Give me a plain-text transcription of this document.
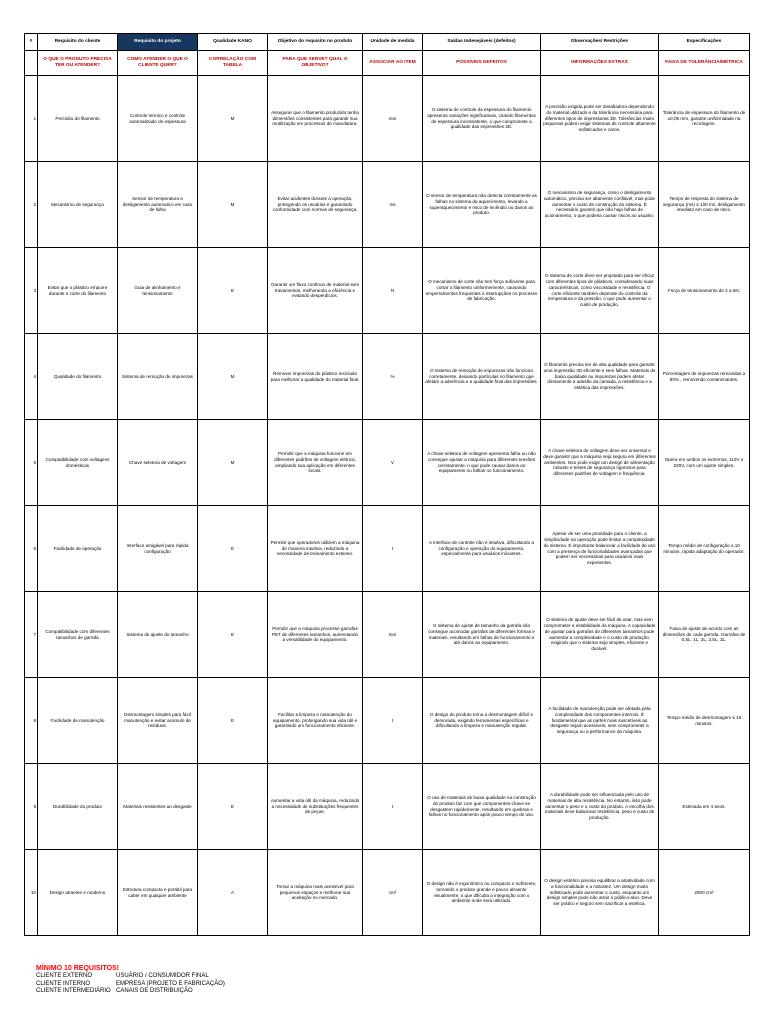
#	Requisito do cliente	Requisito do projeto	Qualidade KANO	Objetivo do requisito no produto	Unidade de medida	Saídas Indesejáveis (defeitos)	Observações/ Restrições	Especificações
	O QUE O PRODUTO PRECISA TER OU ATENDER?	COMO ATENDER O QUE O CLIENTE QUER?	CORRELAÇÃO COM TABELA	PARA QUE SERVE? QUAL O OBJETIVO?	ASSOCIAR AO ITEM	POSSÍVEIS DEFEITOS	INFORMAÇÕES EXTRAS	FAIXA DE TOLERÂNCIA/MÉTRICA
1	Precisão do filamento	Controle termico e controle automatizado de espessura	M	Assegurar que o filamento produzido tenha dimensões consistentes para garantir sua reutilização em processos de manufatura.	mm	O sistema de controle da espessura do filamento apresenta variações significativas, criando filamentos de espessura inconsistente, o que compromete a qualidade das impressões 3D.	A precisão exigida pode ser desafiadora dependendo do material utilizado e da tolerância necessária para diferentes tipos de impressoras 3D. Tolerâncias muito pequenas podem exigir sistemas de controle altamente sofisticados e caros.	Tolerância de espessura do filamento de ±0,05 mm, garante uniformidade na reciclagem.
2	Mecanismo de segurança	Sensor de temperatura e desligamento automatico em caso de falha	M	Evitar acidentes durante a operação, protegendo os usuários e garantindo conformidade com normas de segurança.	ms	O sensor de temperatura não detecta corretamente as falhas no sistema de aquecimento, levando a superaquecimento e risco de incêndio ou danos ao produto.	O mecanismo de segurança, como o desligamento automático, precisa ser altamente confiável, mas pode aumentar o custo de construção do sistema. É necessário garantir que não haja falhas de acionamento, o que poderia causar riscos ao usuário.	Tempo de resposta do sistema de segurança (ms) ≤ 100 ms, desligamento imediato em caso de risco.
3	Evitar que o plástico empurre durante o corte do filamento	Guia de alinhamento e tensionamento	E	Garantir um fluxo contínuo de material sem travamentos, melhorando a eficiência e evitando desperdícios.	N	O mecanismo de corte não tem força suficiente para cortar o filamento uniformemente, causando emperramentos frequentes e interrupções no processo de fabricação.	O sistema de corte deve ser projetado para ser eficaz com diferentes tipos de plásticos, considerando suas características, como viscosidade e resistência. O corte eficiente também depende do controle da temperatura e da pressão, o que pode aumentar o custo de produção.	Força de tensionamento de 2 a 5N.
4	Qualidade do filamento	Sistema de remoção de impurezas	M	Remover impurezas do plástico reciclado para melhorar a qualidade do material final.	%	O sistema de remoção de impurezas não funciona corretamente, deixando partículas no filamento que afetam a aderência e a qualidade final das impressões.	O filamento precisa ser de alta qualidade para garantir uma impressão 3D eficiente e sem falhas. Materiais de baixa qualidade ou impurezas podem afetar diretamente a adesão da camada, a resistência e a estética das impressões.	Porcentagem de impurezas removidas ≥ 80% , removendo contaminantes.
5	Compatibilidade com voltagens domésticas	Chave seletora de voltagem	M	Permitir que a máquina funcione em diferentes padrões de voltagem elétrica, ampliando sua aplicação em diferentes locais.	V	A chave seletora de voltagem apresenta falha ou não consegue ajustar a máquina para diferentes tensões corretamente, o que pode causar danos ao equipamento ou falhas no funcionamento.	A chave seletora de voltagem deve ser universal e deve garantir que a máquina seja segura em diferentes ambientes. Isso pode exigir um design de alimentação robusto e testes de segurança rigorosos para diferentes padrões de voltagem e frequência.	Opera em ambos os extremos, 110V e 220V, com um ajuste simples.
6	Facilidade de operação	Interface amigável para rápida configuração	E	Permitir que operadores utilizem a máquina de maneira intuitiva, reduzindo a necessidade de treinamento extenso.	t	A interface de controle não é intuitiva, dificultando a configuração e operação do equipamento, especialmente para usuários iniciantes.	Apesar de ser uma prioridade para o cliente, a simplicidade na operação pode limitar a complexidade do sistema. É importante balancear a facilidade de uso com a presença de funcionalidades avançadas que podem ser necessárias para usuários mais experientes.	Tempo médio de configuração ≤ 10 minutos, rápida adaptação do operador.
7	Compatibilidade com diferentes tamanhos de garrafa	Sistema de ajuste do tamanho	E	Permitir que a máquina processe garrafas PET de diferentes tamanhos, aumentando a versatilidade do equipamento.	mm	O sistema de ajuste de tamanho da garrafa não consegue acomodar garrafas de diferentes formas e materiais, resultando em falhas de funcionamento e até danos ao equipamento.	O sistema de ajuste deve ser fácil de usar, mas sem comprometer a estabilidade da máquina. A capacidade de ajustar para garrafas de diferentes tamanhos pode aumentar a complexidade e o custo de produção, exigindo que o sistema seja simples, eficiente e durável.	Faixa de ajuste de acordo com as dimensões de cada garrafa. Garrafas de 0,5L, 1L, 2L, 2,5L, 3L.
8	Facilidade de manutenção	Desmontagem simples para fácil manutenção e evitar acúmulo de resíduos.	E	Facilitar a limpeza e manutenção do equipamento, prolongando sua vida útil e garantindo um funcionamento eficiente.	t	O design do produto torna a desmontagem difícil e demorada, exigindo ferramentas específicas e dificultando a limpeza e manutenção regular.	A facilidade de manutenção pode ser afetada pela complexidade dos componentes internos. É fundamental que as partes mais suscetíveis ao desgaste sejam acessíveis, sem comprometer a segurança ou a performance da máquina.	Tempo médio de desmontagem ≤ 15 minutos.
9	Durabilidade do produto	Materiais resistentes ao desgaste	E	Aumentar a vida útil da máquina, reduzindo a necessidade de substituições frequentes de peças.	t	O uso de materiais de baixa qualidade na construção do produto faz com que componentes-chave se desgastem rapidamente, resultando em quebras e falhas no funcionamento após pouco tempo de uso.	A durabilidade pode ser influenciada pelo uso de materiais de alta resistência. No entanto, isso pode aumentar o peso e o custo do produto. A escolha dos materiais deve balancear resistência, peso e custo de produção.	Estimada em 4 anos.
10	Design atraente e moderno	Estrutura compacta e portátil para caber em qualquer ambiente	A	Tornar a máquina mais acessível para pequenos espaços e melhorar sua aceitação no mercado.	cm²	O design não é ergonômico ou compacto o suficiente, tornando o produto grande e pouco atraente visualmente, o que dificulta a integração com o ambiente onde será utilizado.	O design estético precisa equilibrar a atratividade com a funcionalidade e a robustez. Um design muito sofisticado pode aumentar o custo, enquanto um design simples pode não atrair o público-alvo. Deve ser prático e seguro sem sacrificar a estética.	2500 cm²
MÍNIMO 10 REQUISITOS!
CLIENTE EXTERNO	USUÁRIO / CONSUMIDOR FINAL
CLIENTE INTERNO	EMPRESA (PROJETO E FABRICAÇÃO)
CLIENTE INTERMEDIÁRIO CANAIS DE DISTRIBUIÇÃO
